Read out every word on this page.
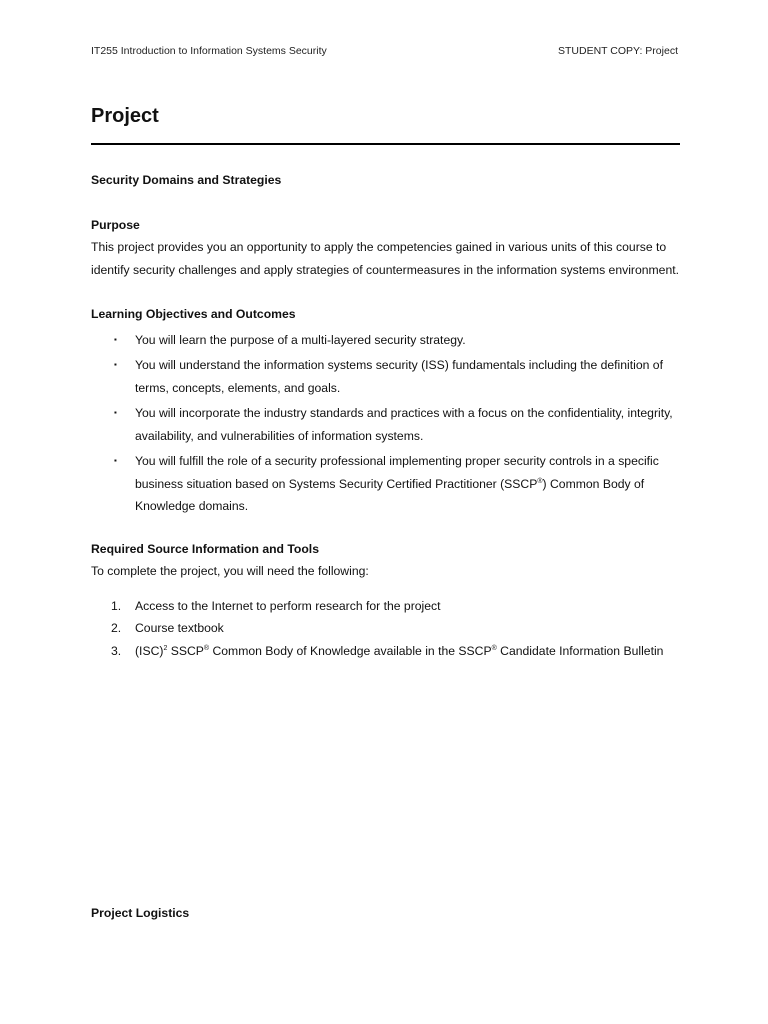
IT255 Introduction to Information Systems Security	STUDENT COPY: Project
Project

Security Domains and Strategies

Purpose

This project provides you an opportunity to apply the competencies gained in various units of this course to identify security challenges and apply strategies of countermeasures in the information systems environment.

Learning Objectives and Outcomes

▪ You will learn the purpose of a multi-layered security strategy.
▪ You will understand the information systems security (ISS) fundamentals including the definition of terms, concepts, elements, and goals.
▪ You will incorporate the industry standards and practices with a focus on the confidentiality, integrity, availability, and vulnerabilities of information systems.
▪ You will fulfill the role of a security professional implementing proper security controls in a specific business situation based on Systems Security Certified Practitioner (SSCP®) Common Body of Knowledge domains.

Required Source Information and Tools

To complete the project, you will need the following:

1. Access to the Internet to perform research for the project
2. Course textbook
3. (ISC)$^2$ SSCP® Common Body of Knowledge available in the SSCP® Candidate Information Bulletin

Project Logistics
